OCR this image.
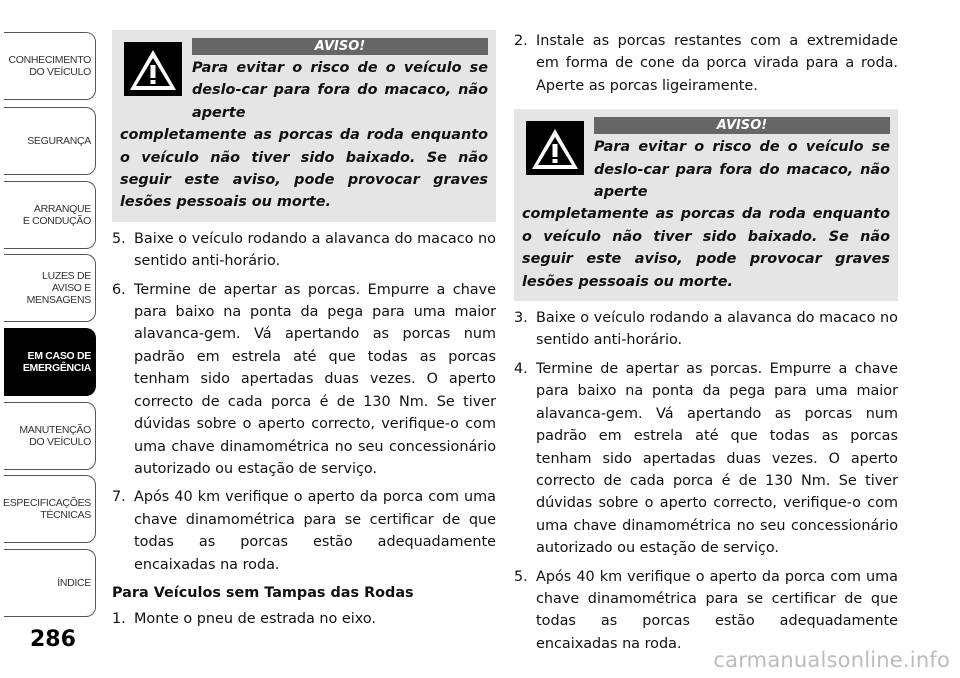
CONHECIMENTO
DO VEÍCULO
SEGURANÇA
ARRANQUE
E CONDUÇÃO
LUZES DE
AVISO E
MENSAGENS
EM CASO DE
EMERGÊNCIA
MANUTENÇÃO
DO VEÍCULO
ESPECIFICAÇÕES
TÉCNICAS
ÍNDICE
286
AVISO!
Para evitar o risco de o veículo se deslo-car para fora do macaco, não aperte
completamente as porcas da roda enquanto o veículo não tiver sido baixado. Se não seguir este aviso, pode provocar graves lesões pessoais ou morte.
5. Baixe o veículo rodando a alavanca do macaco no sentido anti-horário.
6. Termine de apertar as porcas. Empurre a chave para baixo na ponta da pega para uma maior alavanca-gem. Vá apertando as porcas num padrão em estrela até que todas as porcas tenham sido apertadas duas vezes. O aperto correcto de cada porca é de 130 Nm. Se tiver dúvidas sobre o aperto correcto, verifique-o com uma chave dinamométrica no seu concessionário autorizado ou estação de serviço.
7. Após 40 km verifique o aperto da porca com uma chave dinamométrica para se certificar de que todas as porcas estão adequadamente encaixadas na roda.
Para Veículos sem Tampas das Rodas
1. Monte o pneu de estrada no eixo.
2. Instale as porcas restantes com a extremidade em forma de cone da porca virada para a roda. Aperte as porcas ligeiramente.
AVISO!
Para evitar o risco de o veículo se deslo-car para fora do macaco, não aperte
completamente as porcas da roda enquanto o veículo não tiver sido baixado. Se não seguir este aviso, pode provocar graves lesões pessoais ou morte.
3. Baixe o veículo rodando a alavanca do macaco no sentido anti-horário.
4. Termine de apertar as porcas. Empurre a chave para baixo na ponta da pega para uma maior alavanca-gem. Vá apertando as porcas num padrão em estrela até que todas as porcas tenham sido apertadas duas vezes. O aperto correcto de cada porca é de 130 Nm. Se tiver dúvidas sobre o aperto correcto, verifique-o com uma chave dinamométrica no seu concessionário autorizado ou estação de serviço.
5. Após 40 km verifique o aperto da porca com uma chave dinamométrica para se certificar de que todas as porcas estão adequadamente encaixadas na roda.
carmanualsonline.info
